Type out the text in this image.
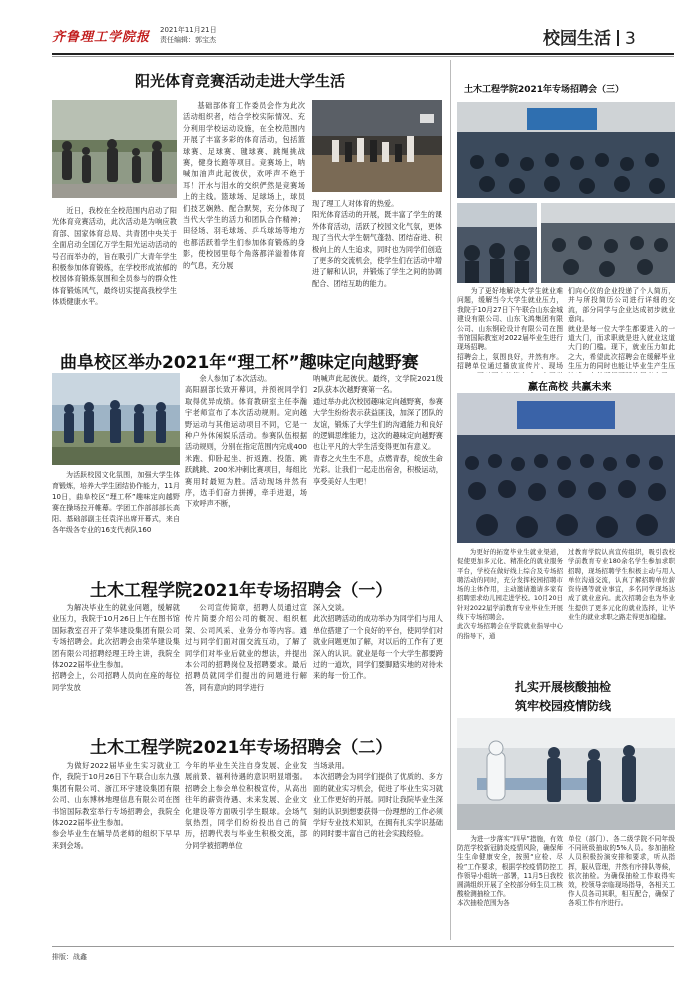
齐鲁理工学院报 2021年11月21日
责任编辑：郭宝杰	校园生活 3
阳光体育竞赛活动走进大学生活
近日，我校在全校范围内启动了阳光体育竞赛活动，此次活动是为响应教育部、国家体育总局、共青团中央关于全面启动全国亿万学生阳光运动活动的号召而举办的，旨在吸引广大青年学生积极参加体育锻炼，在学校形成浓郁的校园体育锻炼氛围和全员参与的群众性体育锻炼风气，最终切实提高我校学生体质健康水平。
基础部体育工作委员会作为此次活动组织者，结合学校实际情况、充分利用学校运动设施，在全校范围内开展了丰富多彩的体育活动，包括篮球赛、足球赛、毽球赛、跳绳挑战赛，健身长跑等项目。竞赛场上，呐喊加油声此起彼伏，欢呼声不绝于耳！汗水与泪水的交织俨然是竞赛场上的主线。篮球场、足球场上，球员们技艺娴熟、配合默契，充分体现了当代大学生的活力和团队合作精神；田径场、羽毛球场、乒乓球场等地方也都活跃着学生们参加体育锻炼的身影，使校园里每个角落都洋溢着体育的气息，充分展
现了理工人对体育的热爱。
阳光体育活动的开展，既丰富了学生的课外体育活动，活跃了校园文化气氛，更体现了当代大学生朝气蓬勃、团结奋进、积极向上的人生追求，同时也为同学们创造了更多的交流机会，使学生们在活动中增进了解和认识，并锻炼了学生之间的协调配合、团结互助的能力。
曲阜校区举办2021年“理工杯”趣味定向越野赛
为活跃校园文化氛围，加强大学生体育锻炼，培养大学生团结协作能力，11月10日，曲阜校区“理工杯”趣味定向越野赛在操场拉开帷幕。学团工作部部部长高阳、基础部副主任袁洋出席开幕式，来自各年级各专业的16支代表队160
余人参加了本次活动。
高阳副部长致开幕词，并预祝同学们取得优异成绩。体育教研室主任李瀚宇老师宣布了本次活动规则。定向越野运动与其他运动项目不同，它是一种户外休闲娱乐活动。参赛队伍根据活动规则，分别在指定范围内完成400米跑、仰卧起坐、折返跑、投篮、跳跃跳跳、200米冲刺比赛项目，每组比赛用时最短为胜。活动现场井然有序，选手们奋力拼搏，牵手进退，场下欢呼声不断，
呐喊声此起彼伏。最终，文学院2021级2队获本次越野赛第一名。
通过举办此次校园趣味定向越野赛，参赛大学生纷纷表示获益匪浅，加深了团队的友谊，锻炼了大学生们的沟通能力和良好的逻辑思维能力，这次的趣味定向越野赛也让平凡的大学生活变得更加有意义。
青春之火生生不息，点燃青春，绽放生命光彩。让我们一起走出宿舍，积极运动，享受美好人生吧！
土木工程学院2021年专场招聘会（一）
为解决毕业生的就业问题，缓解就业压力，我院于10月26日上午在图书馆国际教室召开了荣华建设集团有限公司专场招聘会。此次招聘会由荣华建设集团有限公司招聘经理王玲主讲，我院全体2022届毕业生参加。
招聘会上，公司招聘人员向在座的每位同学发放
公司宣传简章，招聘人员通过宣传片简要介绍公司的概况、组织框架、公司风采、业务分布等内容。通过与同学们面对面交流互动，了解了同学们对毕业后就业的想法，并提出本公司的招聘岗位及招聘要求。最后招聘员就同学们提出的问题进行解答，同有意向的同学进行
深入交谈。
此次招聘活动的成功举办为同学们与用人单位搭建了一个良好的平台，使同学们对就业问题更加了解，对以后的工作有了更深入的认识。就业是每一个大学生都要跨过的一道坎，同学们要脚踏实地的对待未来的每一份工作。
土木工程学院2021年专场招聘会（二）
为做好2022届毕业生实习就业工作，我院于10月26日下午联合山东九强集团有限公司、浙江环宇建设集团有限公司、山东博林地理信息有限公司在图书馆国际教室举行专场招聘会，我院全体2022届毕业生参加。
参会毕业生在辅导员老师的组织下早早来到会场。
今年的毕业生关注自身发展、企业发展前景、福利待遇的意识明显增强。招聘会上参会单位积极宣传，从高出往年的薪资待遇、未来发展、企业文化建设等方面吸引学生眼球。会场气氛热烈，同学们纷纷投出自己的简历，招聘代表与毕业生积极交流，部分同学被招聘单位
当场录用。
本次招聘会为同学们提供了优质的、多方面的就业实习机会，促进了毕业生实习就业工作更好的开展。同时让我院毕业生深刻的认识到想要获得一份理想的工作必须学好专业技术知识，在拥有扎实学识基础的同时要丰富自己的社会实践经验。
土木工程学院2021年专场招聘会（三）
为了更好地解决大学生就业难问题，缓解当今大学生就业压力，我院于10月27日下午联合山东金城建设有限公司、山东飞鸿集团有限公司、山东钢砼设计有限公司在图书馆国际教室对2022届毕业生进行现场招聘。
招聘会上，氛围良好，井然有序。招聘单位通过播放宣传片、现场
们向心仪的企业投递了个人简历，并与所投简历公司进行详细的交流，部分同学与企业达成初步就业意向。
就业是每一位大学生都要进入的一道大门，而求职就是进入就业这道大门的门槛。现下，就业压力如此之大，希望此次招聘会在缓解毕业生压力的同时也能让毕业生产生压
赢在高校 共赢未来
为更好的拓宽毕业生就业渠道，促使更加多元化、精准化的就业服务平台，学校在做好线上综合及专场招聘活动的同时，充分发挥校园招聘市场的主体作用，主动邀请邀请多家有招聘需求幼儿园走进学校。10月20日针对2022届学前教育专业毕业生开展线下专场招聘会。
此次专场招聘会在学院就业指导中心的指导下，通
过教育学院认真宣传组织，吸引我校学前教育专业180余名学生参加求职招聘，现场招聘学生积极主动与用人单位沟通交流，认真了解招聘单位薪资待遇等就业事宜，多名同学现场达成了就业意向。此次招聘会也为毕业生提供了更多元化的就业选择，让毕业生的就业求职之路走得更加稳健。
扎实开展核酸抽检
筑牢校园疫情防线
为进一步落实“四早”措施，有效防范学校新冠肺炎疫情风险，确保师生生命健康安全，按照“应检、尽检”工作要求，根据学校疫情防控工作领导小组统一部署，11月5日我校圆满组织开展了全校部分师生员工核酸检测抽检工作。
本次抽检范围为各
单位（部门）、各二级学院不同年级不同班级抽取的5%人员。参加抽检人员积极扮演安排和要求，听从指挥，服从管理，井然有序排队等候，依次抽检。为确保抽检工作取得实效，校领导亲临现场指导，各相关工作人员各司其职，相互配合，确保了各项工作有序进行。
排版：战鑫
